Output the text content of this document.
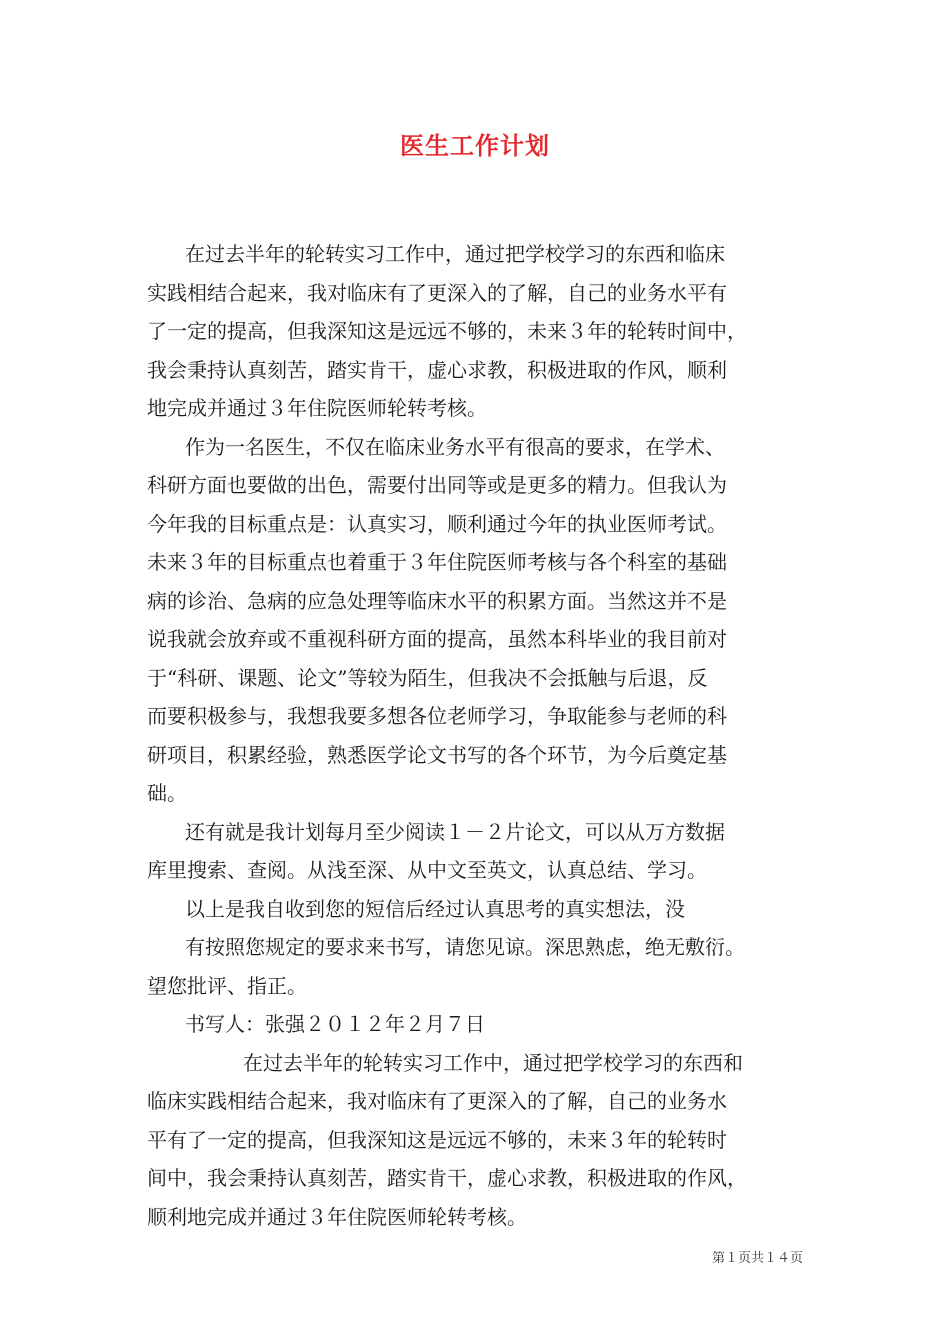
医生工作计划
在过去半年的轮转实习工作中，通过把学校学习的东西和临床
实践相结合起来，我对临床有了更深入的了解，自己的业务水平有
了一定的提高，但我深知这是远远不够的，未来３年的轮转时间中，
我会秉持认真刻苦，踏实肯干，虚心求教，积极进取的作风，顺利
地完成并通过３年住院医师轮转考核。
作为一名医生，不仅在临床业务水平有很高的要求，在学术、
科研方面也要做的出色，需要付出同等或是更多的精力。但我认为
今年我的目标重点是：认真实习，顺利通过今年的执业医师考试。
未来３年的目标重点也着重于３年住院医师考核与各个科室的基础
病的诊治、急病的应急处理等临床水平的积累方面。当然这并不是
说我就会放弃或不重视科研方面的提高，虽然本科毕业的我目前对
于“科研、课题、论文”等较为陌生，但我决不会抵触与后退，反
而要积极参与，我想我要多想各位老师学习，争取能参与老师的科
研项目，积累经验，熟悉医学论文书写的各个环节，为今后奠定基
础。
还有就是我计划每月至少阅读１－２片论文，可以从万方数据
库里搜索、查阅。从浅至深、从中文至英文，认真总结、学习。
以上是我自收到您的短信后经过认真思考的真实想法，没
有按照您规定的要求来书写，请您见谅。深思熟虑，绝无敷衍。
望您批评、指正。
书写人：张强２０１２年２月７日
在过去半年的轮转实习工作中，通过把学校学习的东西和
临床实践相结合起来，我对临床有了更深入的了解，自己的业务水
平有了一定的提高，但我深知这是远远不够的，未来３年的轮转时
间中，我会秉持认真刻苦，踏实肯干，虚心求教，积极进取的作风，
顺利地完成并通过３年住院医师轮转考核。
第１页共１４页
